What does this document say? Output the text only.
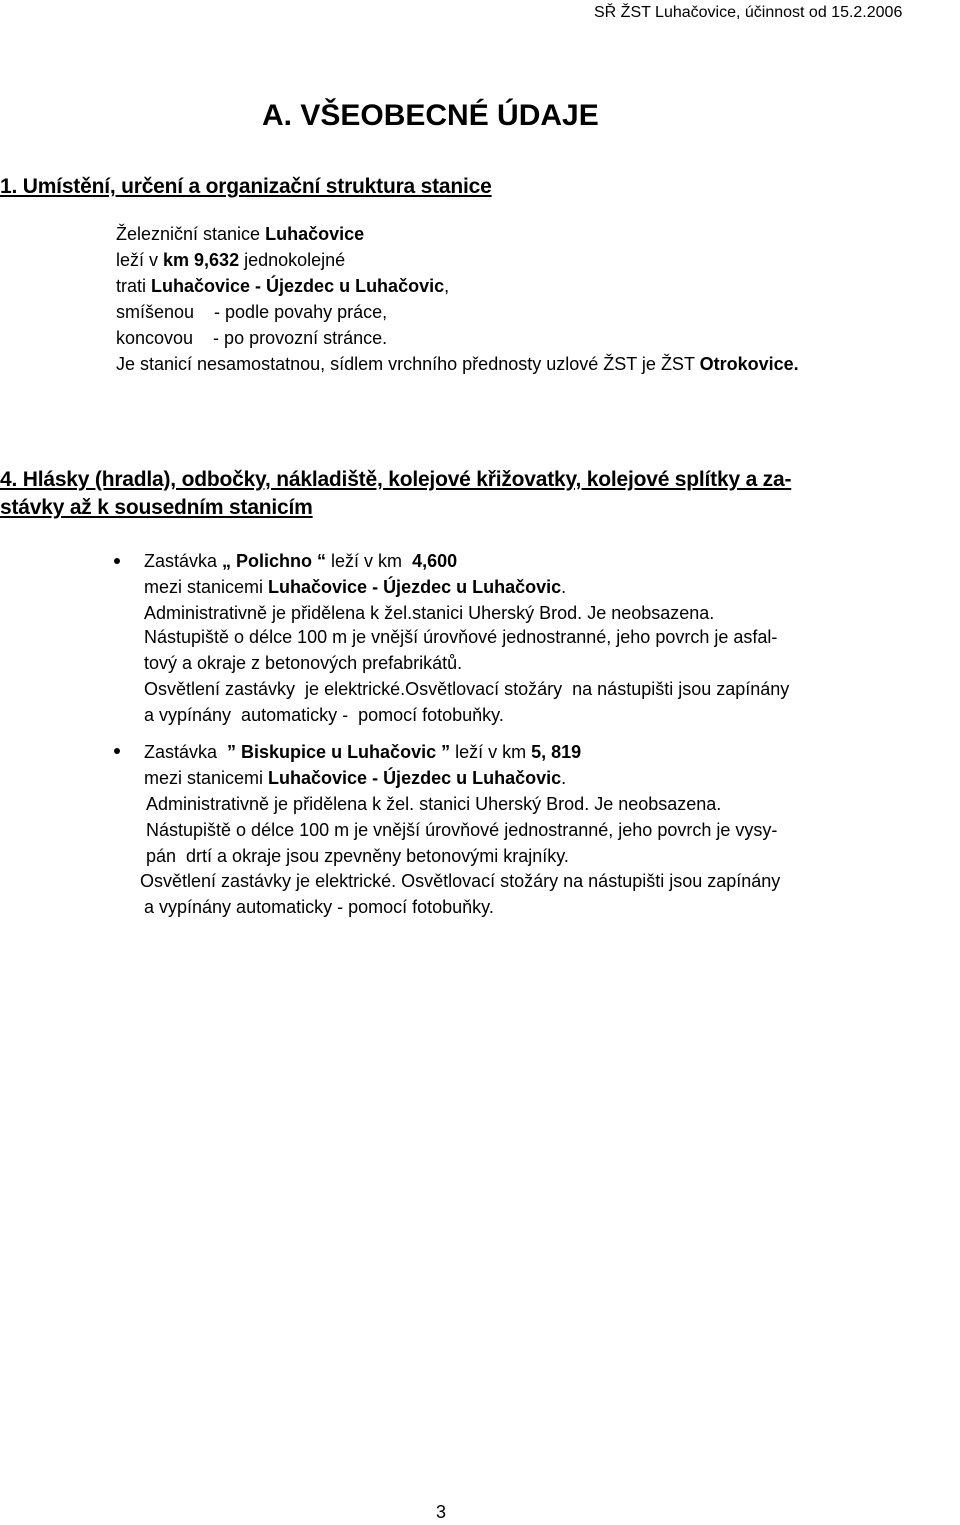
SŘ ŽST Luhačovice, účinnost od 15.2.2006
A. VŠEOBECNÉ ÚDAJE
1. Umístění, určení a organizační struktura stanice
Železniční stanice Luhačovice
leží v km 9,632 jednokolejné
trati Luhačovice - Újezdec u Luhačovic,
smíšenou    - podle povahy práce,
koncovou    - po provozní stránce.
Je stanicí nesamostatnou, sídlem vrchního přednosty uzlové ŽST je ŽST Otrokovice.
4. Hlásky (hradla), odbočky, nákladiště, kolejové křižovatky, kolejové splítky a za-
stávky až k sousedním stanicím
Zastávka „ Polichno “ leží v km  4,600
mezi stanicemi Luhačovice - Újezdec u Luhačovic.
Administrativně je přidělena k žel.stanici Uherský Brod. Je neobsazena.
Nástupiště o délce 100 m je vnější úrovňové jednostranné, jeho povrch je asfal-
tový a okraje z betonových prefabrikátů.
Osvětlení zastávky  je elektrické.Osvětlovací stožáry  na nástupišti jsou zapínány
a vypínány  automaticky -  pomocí fotobuňky.
Zastávka  ” Biskupice u Luhačovic ” leží v km 5, 819
mezi stanicemi Luhačovice - Újezdec u Luhačovic.
Administrativně je přidělena k žel. stanici Uherský Brod. Je neobsazena.
Nástupiště o délce 100 m je vnější úrovňové jednostranné, jeho povrch je vysy-
pán  drtí a okraje jsou zpevněny betonovými krajníky.
Osvětlení zastávky je elektrické. Osvětlovací stožáry na nástupišti jsou zapínány
a vypínány automaticky - pomocí fotobuňky.
3
